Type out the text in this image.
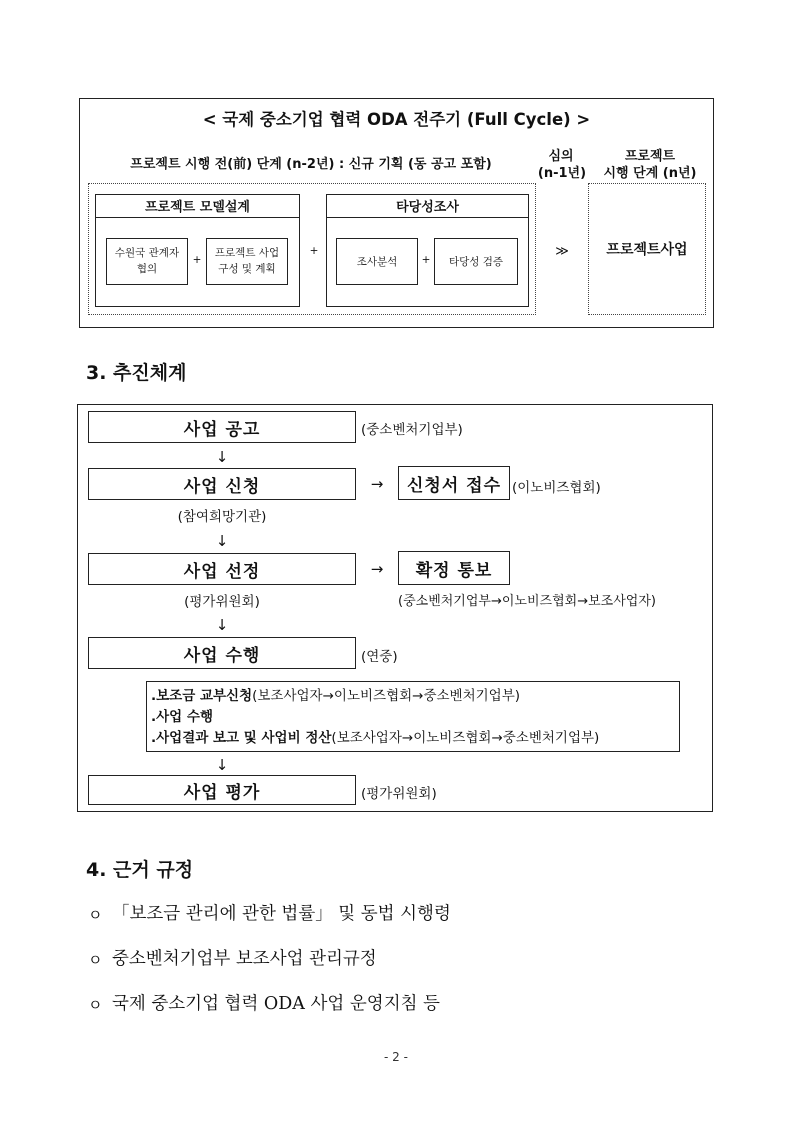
< 국제 중소기업 협력 ODA 전주기 (Full Cycle) >
프로젝트 시행 전(前) 단계 (n-2년) : 신규 기획 (동 공고 포함)
심의
(n-1년)
프로젝트
시행 단계 (n년)
프로젝트 모델설계
수원국 관계자
협의
+
프로젝트 사업
구성 및 계획
+
타당성조사
조사분석	+	타당성 검증
≫	프로젝트사업
3. 추진체계
사업 공고	(중소벤처기업부)
↓
사업 신청	→	신청서 접수 (이노비즈협회)
(참여희망기관)
↓
사업 선정	→	확정 통보
(평가위원회)	(중소벤처기업부→이노비즈협회→보조사업자)
↓
사업 수행	(연중)
.보조금 교부신청(보조사업자→이노비즈협회→중소벤처기업부)
.사업 수행
.사업결과 보고 및 사업비 정산(보조사업자→이노비즈협회→중소벤처기업부)
↓
사업 평가	(평가위원회)
4. 근거 규정
ㅇ 「보조금 관리에 관한 법률」 및 동법 시행령
ㅇ 중소벤처기업부 보조사업 관리규정
ㅇ 국제 중소기업 협력 ODA 사업 운영지침 등
- 2 -
